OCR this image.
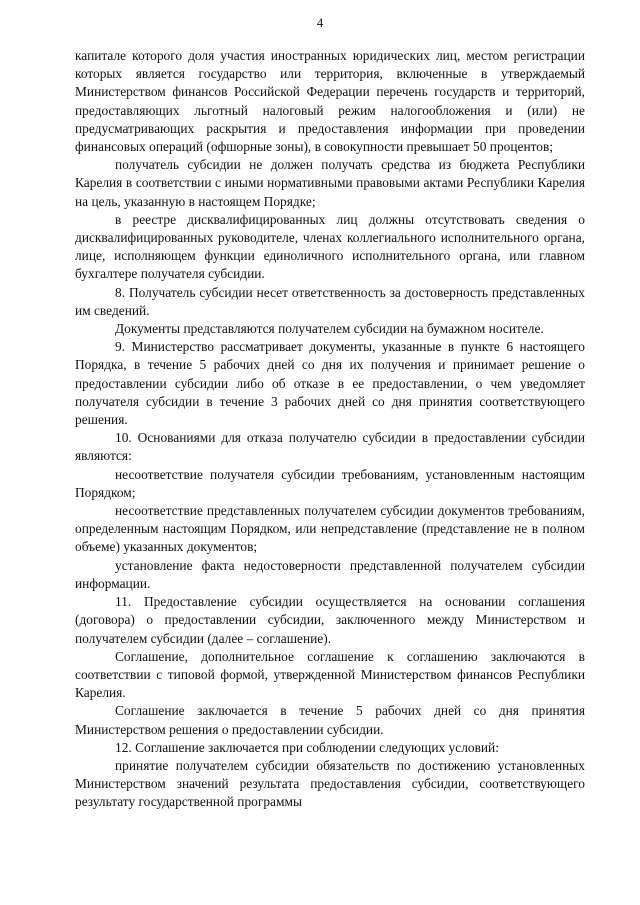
4

капитале которого доля участия иностранных юридических лиц, местом регистрации которых является государство или территория, включенные в утверждаемый Министерством финансов Российской Федерации перечень государств и территорий, предоставляющих льготный налоговый режим налогообложения и (или) не предусматривающих раскрытия и предоставления информации при проведении финансовых операций (офшорные зоны), в совокупности превышает 50 процентов;

получатель субсидии не должен получать средства из бюджета Республики Карелия в соответствии с иными нормативными правовыми актами Республики Карелия на цель, указанную в настоящем Порядке;

в реестре дисквалифицированных лиц должны отсутствовать сведения о дисквалифицированных руководителе, членах коллегиального исполнительного органа, лице, исполняющем функции единоличного исполнительного органа, или главном бухгалтере получателя субсидии.

8. Получатель субсидии несет ответственность за достоверность представленных им сведений.

Документы представляются получателем субсидии на бумажном носителе.

9. Министерство рассматривает документы, указанные в пункте 6 настоящего Порядка, в течение 5 рабочих дней со дня их получения и принимает решение о предоставлении субсидии либо об отказе в ее предоставлении, о чем уведомляет получателя субсидии в течение 3 рабочих дней со дня принятия соответствующего решения.

10. Основаниями для отказа получателю субсидии в предоставлении субсидии являются:

несоответствие получателя субсидии требованиям, установленным настоящим Порядком;

несоответствие представленных получателем субсидии документов требованиям, определенным настоящим Порядком, или непредставление (представление не в полном объеме) указанных документов;

установление факта недостоверности представленной получателем субсидии информации.

11. Предоставление субсидии осуществляется на основании соглашения (договора) о предоставлении субсидии, заключенного между Министерством и получателем субсидии (далее – соглашение).

Соглашение, дополнительное соглашение к соглашению заключаются в соответствии с типовой формой, утвержденной Министерством финансов Республики Карелия.

Соглашение заключается в течение 5 рабочих дней со дня принятия Министерством решения о предоставлении субсидии.

12. Соглашение заключается при соблюдении следующих условий:

принятие получателем субсидии обязательств по достижению установленных Министерством значений результата предоставления субсидии, соответствующего результату государственной программы
